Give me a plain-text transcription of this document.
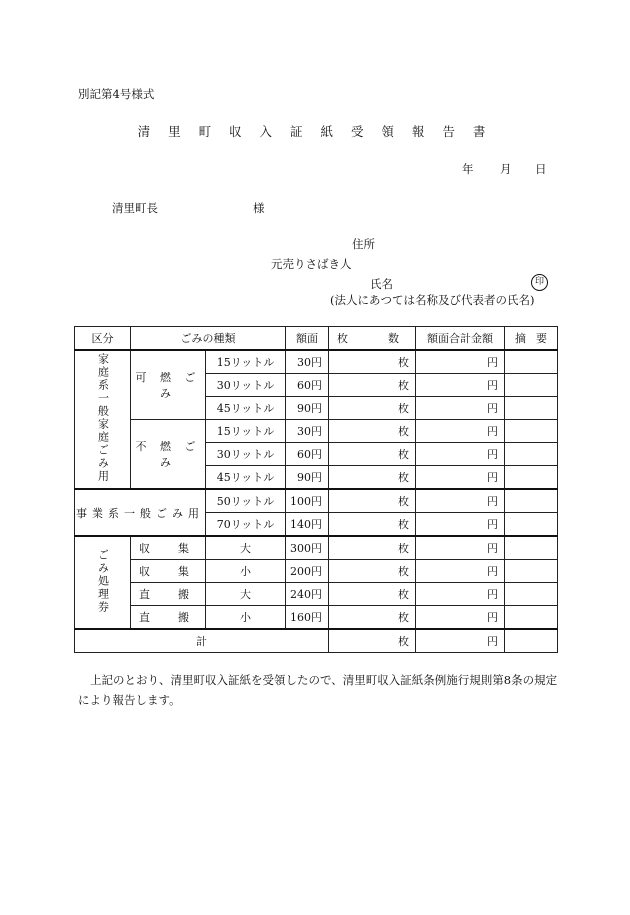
別記第4号様式
清 里 町 収 入 証 紙 受 領 報 告 書
年 月 日
清里町長	様
住所
元売りさばき人
氏名	印
(法人にあつては名称及び代表者の氏名)
区分	ごみの種類		額面	枚 数	額面合計金額	摘 要

家庭系一般家庭ごみ用	可 燃 ご み	15リットル	30円	枚	円	
		30リットル	60円	枚	円	
		45リットル	90円	枚	円	
	不 燃 ご み	15リットル	30円	枚	円	
		30リットル	60円	枚	円	
		45リットル	90円	枚	円	
事業系一般ごみ用		50リットル	100円	枚	円	
		70リットル	140円	枚	円	
ごみ処理券	収 集	大	300円	枚	円	

	収 集	小	200円	枚	円	

	直 搬	大	240円	枚	円	

	直 搬	小	160円	枚	円	
計				枚	円	
上記のとおり、清里町収入証紙を受領したので、清里町収入証紙条例施行規則第8条の規定により報告します。
